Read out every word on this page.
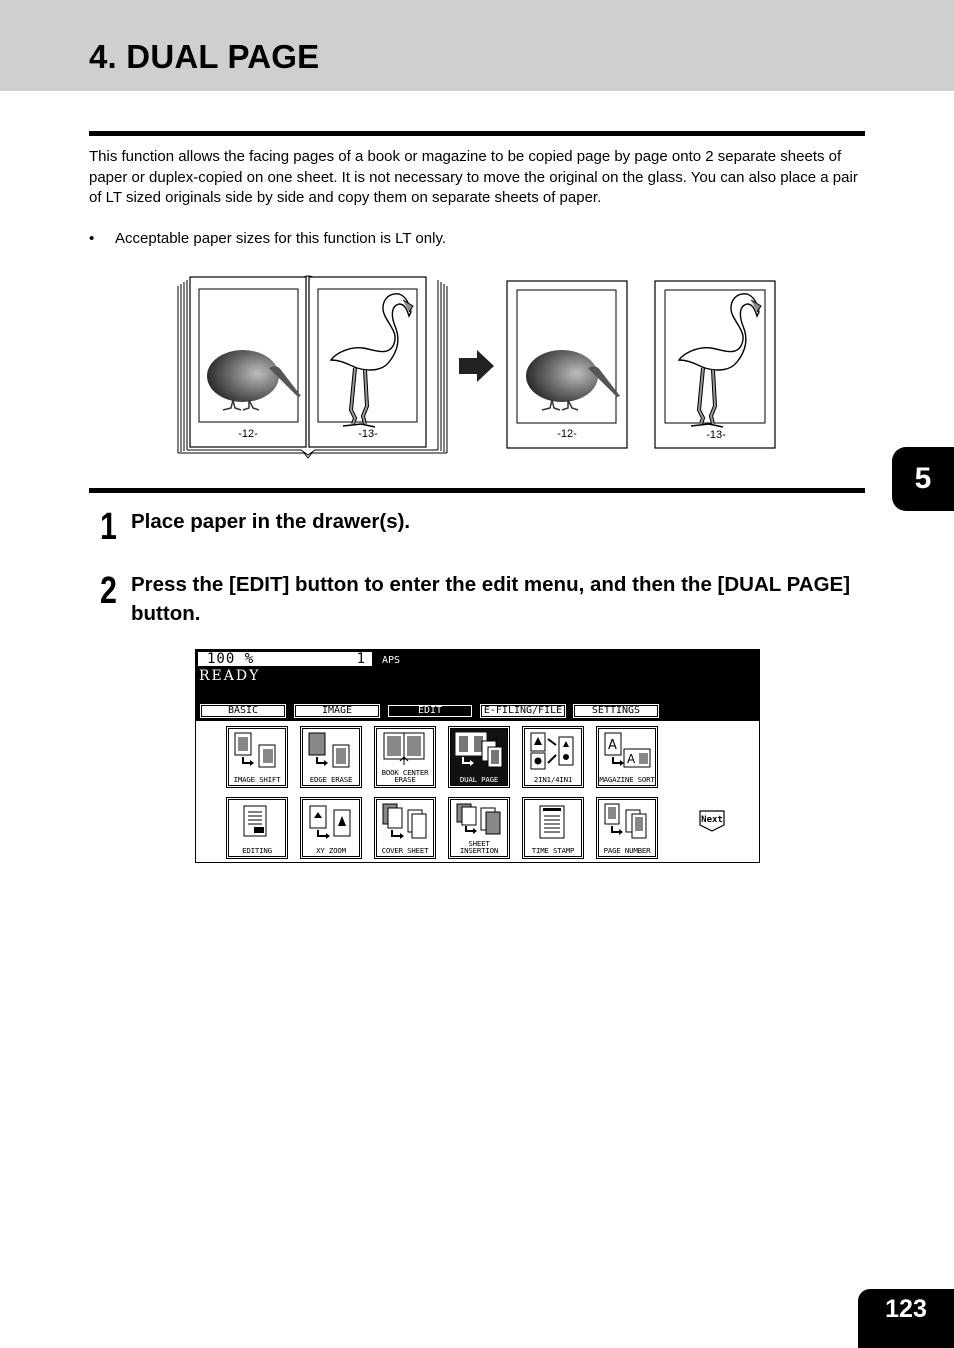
4. DUAL PAGE

This function allows the facing pages of a book or magazine to be copied page by page onto 2 separate sheets of paper or duplex-copied on one sheet. It is not necessary to move the original on the glass. You can also place a pair of LT sized originals side by side and copy them on separate sheets of paper.

• Acceptable paper sizes for this function is LT only.

-12-	-13-	-12-	-13-
1 Place paper in the drawer(s).

2 Press the [EDIT] button to enter the edit menu, and then the [DUAL PAGE] button.

100 %	1 APS
READY
BASIC	IMAGE	EDIT	E-FILING/FILE	SETTINGS
IMAGE SHIFT	EDGE ERASE
BOOK CENTER
ERASE	DUAL PAGE	2IN1/4IN1
A
A
MAGAZINE SORT
EDITING	XY ZOOM	COVER SHEET
SHEET
INSERTION	TIME STAMP	PAGE NUMBER
Next
5
123
